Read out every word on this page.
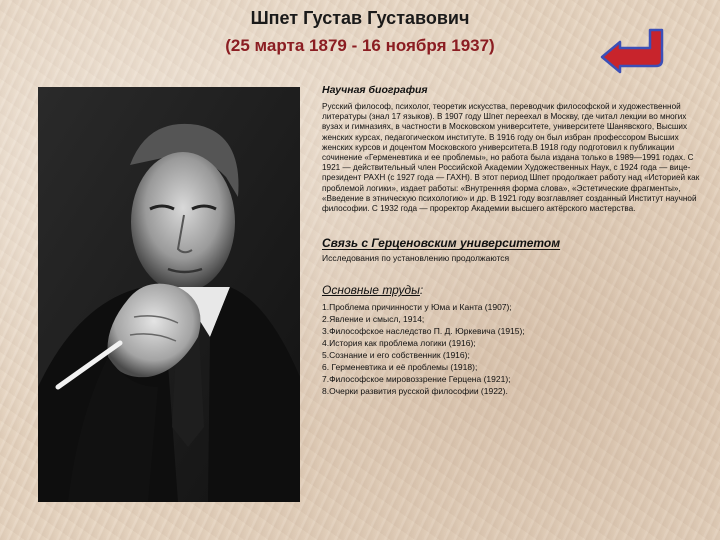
Шпет Густав Густавович
(25 марта 1879 - 16 ноября 1937)
Научная биография
Русский философ, психолог, теоретик искусства, переводчик философской и художественной литературы (знал 17 языков). В 1907 году Шпет переехал в Москву, где читал лекции во многих вузах и гимназиях, в частности в Московском университете, университете Шанявского, Высших женских курсах, педагогическом институте. В 1916 году он был избран профессором Высших женских курсов и доцентом Московского университета.В 1918 году подготовил к публикации сочинение «Герменевтика и ее проблемы», но работа была издана только в 1989—1991 годах. С 1921 — действительный член Российской Академии Художественных Наук, с 1924 года — вице-президент РАХН (с 1927 года — ГАХН). В этот период Шпет продолжает работу над «Историей как проблемой логики», издает работы: «Внутренняя форма слова», «Эстетические фрагменты», «Введение в этническую психологию» и др. В 1921 году возглавляет созданный Институт научной философии. С 1932 года — проректор Академии высшего актёрского мастерства.
Связь с Герценовским университетом
Исследования по установлению продолжаются
Основные труды:
1.Проблема причинности у Юма и Канта (1907);
2.Явление и смысл, 1914;
3.Философское наследство П. Д. Юркевича (1915);
4.История как проблема логики (1916);
5.Сознание и его собственник (1916);
6. Герменевтика и её проблемы (1918);
7.Философское мировоззрение Герцена (1921);
8.Очерки развития русской философии (1922).
